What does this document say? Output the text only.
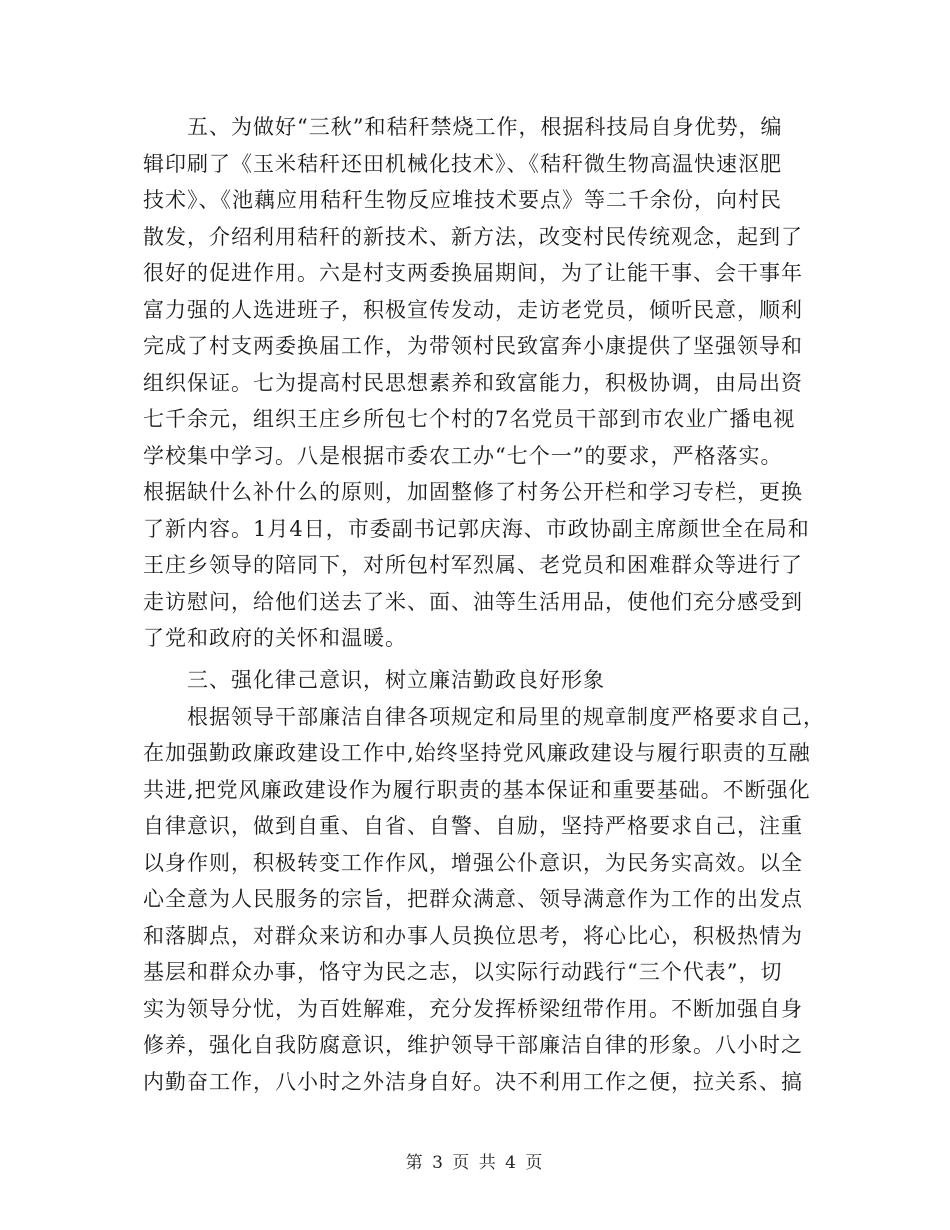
五、为做好“三秋”和秸秆禁烧工作，根据科技局自身优势，编
辑印刷了《玉米秸秆还田机械化技术》、《秸秆微生物高温快速沤肥
技术》、《池藕应用秸秆生物反应堆技术要点》等二千余份，向村民
散发，介绍利用秸秆的新技术、新方法，改变村民传统观念，起到了
很好的促进作用。六是村支两委换届期间，为了让能干事、会干事年
富力强的人选进班子，积极宣传发动，走访老党员，倾听民意，顺利
完成了村支两委换届工作，为带领村民致富奔小康提供了坚强领导和
组织保证。七为提高村民思想素养和致富能力，积极协调，由局出资
七千余元，组织王庄乡所包七个村的7名党员干部到市农业广播电视
学校集中学习。八是根据市委农工办“七个一”的要求，严格落实。
根据缺什么补什么的原则，加固整修了村务公开栏和学习专栏，更换
了新内容。1月4日，市委副书记郭庆海、市政协副主席颜世全在局和
王庄乡领导的陪同下，对所包村军烈属、老党员和困难群众等进行了
走访慰问，给他们送去了米、面、油等生活用品，使他们充分感受到
了党和政府的关怀和温暖。
三、强化律己意识，树立廉洁勤政良好形象
根据领导干部廉洁自律各项规定和局里的规章制度严格要求自己，
在加强勤政廉政建设工作中,始终坚持党风廉政建设与履行职责的互融
共进,把党风廉政建设作为履行职责的基本保证和重要基础。不断强化
自律意识，做到自重、自省、自警、自励，坚持严格要求自己，注重
以身作则，积极转变工作作风，增强公仆意识，为民务实高效。以全
心全意为人民服务的宗旨，把群众满意、领导满意作为工作的出发点
和落脚点，对群众来访和办事人员换位思考，将心比心，积极热情为
基层和群众办事，恪守为民之志，以实际行动践行“三个代表”，切
实为领导分忧，为百姓解难，充分发挥桥梁纽带作用。不断加强自身
修养，强化自我防腐意识，维护领导干部廉洁自律的形象。八小时之
内勤奋工作，八小时之外洁身自好。决不利用工作之便，拉关系、搞
第 3 页 共 4 页
